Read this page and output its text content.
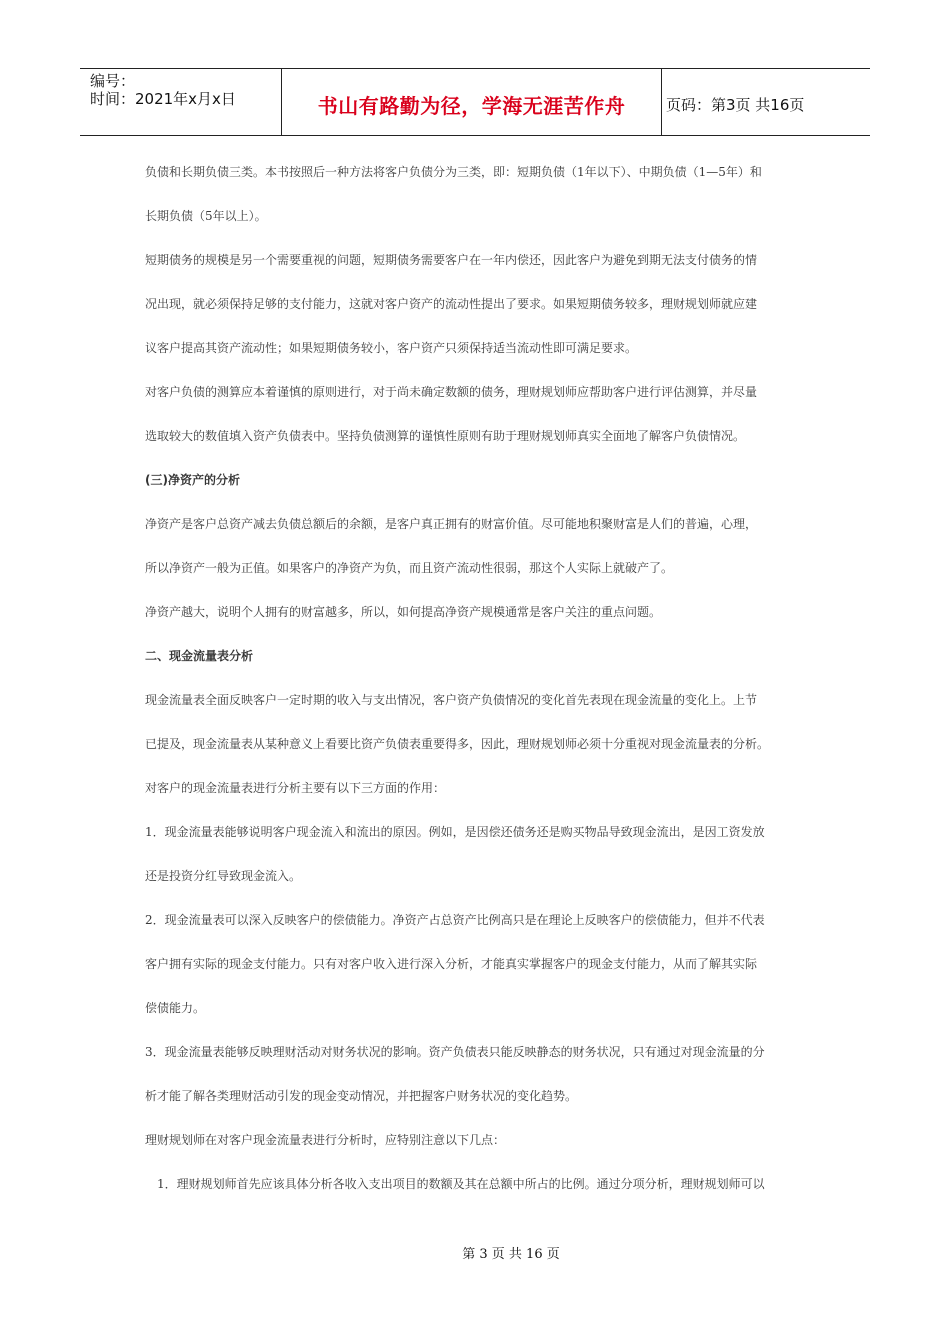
编号：
时间：2021年x月x日	书山有路勤为径，学海无涯苦作舟	页码：第3页 共16页

负债和长期负债三类。本书按照后一种方法将客户负债分为三类，即：短期负债（1年以下）、中期负债（1—5年）和

长期负债（5年以上）。

短期债务的规模是另一个需要重视的问题，短期债务需要客户在一年内偿还，因此客户为避免到期无法支付债务的情

况出现，就必须保持足够的支付能力，这就对客户资产的流动性提出了要求。如果短期债务较多，理财规划师就应建

议客户提高其资产流动性；如果短期债务较小，客户资产只须保持适当流动性即可满足要求。

对客户负债的测算应本着谨慎的原则进行，对于尚未确定数额的债务，理财规划师应帮助客户进行评估测算，并尽量

选取较大的数值填入资产负债表中。坚持负债测算的谨慎性原则有助于理财规划师真实全面地了解客户负债情况。

(三)净资产的分析

净资产是客户总资产减去负债总额后的余额，是客户真正拥有的财富价值。尽可能地积聚财富是人们的普遍，心理，

所以净资产一般为正值。如果客户的净资产为负，而且资产流动性很弱，那这个人实际上就破产了。

净资产越大，说明个人拥有的财富越多，所以，如何提高净资产规模通常是客户关注的重点问题。

二、现金流量表分析

现金流量表全面反映客户一定时期的收入与支出情况，客户资产负债情况的变化首先表现在现金流量的变化上。上节

已提及，现金流量表从某种意义上看要比资产负债表重要得多，因此，理财规划师必须十分重视对现金流量表的分析。

对客户的现金流量表进行分析主要有以下三方面的作用：

1．现金流量表能够说明客户现金流入和流出的原因。例如，是因偿还债务还是购买物品导致现金流出，是因工资发放

还是投资分红导致现金流入。

2．现金流量表可以深入反映客户的偿债能力。净资产占总资产比例高只是在理论上反映客户的偿债能力，但并不代表

客户拥有实际的现金支付能力。只有对客户收入进行深入分析，才能真实掌握客户的现金支付能力，从而了解其实际

偿债能力。

3．现金流量表能够反映理财活动对财务状况的影响。资产负债表只能反映静态的财务状况，只有通过对现金流量的分

析才能了解各类理财活动引发的现金变动情况，并把握客户财务状况的变化趋势。

理财规划师在对客户现金流量表进行分析时，应特别注意以下几点：

1．理财规划师首先应该具体分析各收入支出项目的数额及其在总额中所占的比例。通过分项分析，理财规划师可以

第 3 页 共 16 页
